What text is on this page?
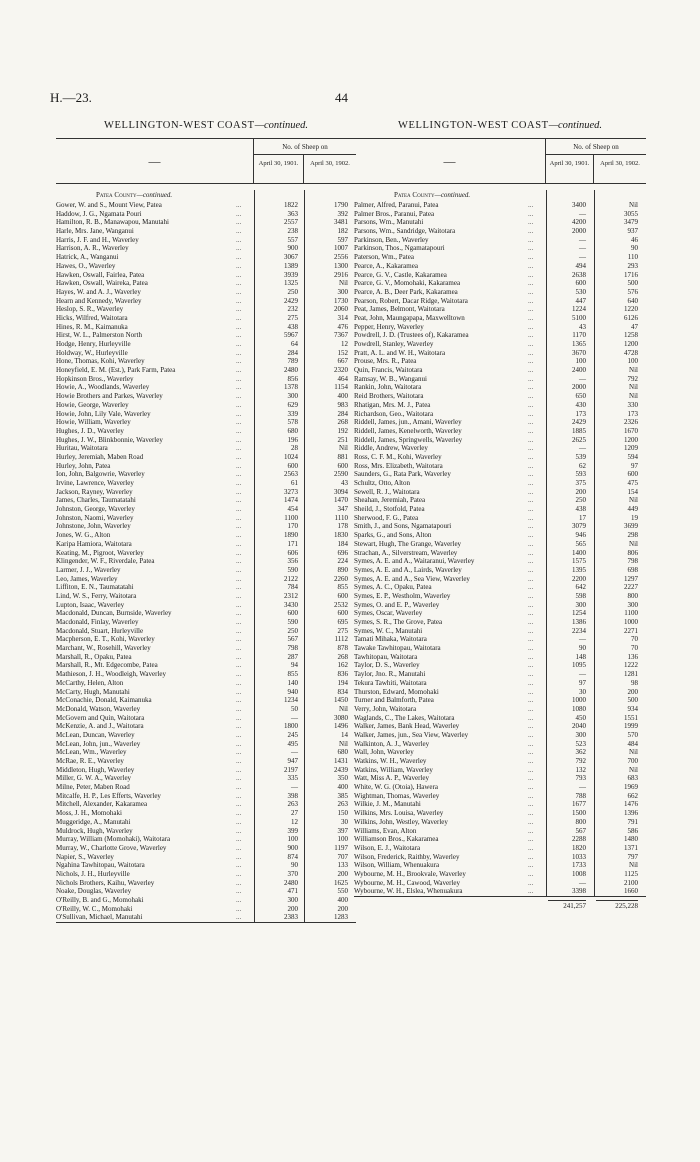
H.—23.	44
WELLINGTON-WEST COAST—continued.
—
No. of Sheep on
April 30, 1901.	April 30, 1902.
Patea County—continued.
Gower, W. and S., Mount View, Patea	...	1822	1790
Haddow, J. G., Ngamata Pouri	...	363	392
Hamilton, R. B., Manawapou, Manutahi	...	2557	3481
Harle, Mrs. Jane, Wanganui	...	238	182
Harris, J. F. and H., Waverley	...	557	597
Harrison, A. R., Waverley	...	900	1007
Hatrick, A., Wanganui	...	3067	2556
Hawes, O., Waverley	...	1389	1300
Hawken, Oswall, Fairlea, Patea	...	3939	2916
Hawken, Oswall, Waireka, Patea	...	1325	Nil
Hayes, W. and A. J., Waverley	...	250	300
Hearn and Kennedy, Waverley	...	2429	1730
Heslop, S. R., Waverley	...	232	2060
Hicks, Wilfred, Waitotara	...	275	314
Hines, R. M., Kaimanuka	...	438	476
Hirst, W. L., Palmerston North	...	5967	7367
Hodge, Henry, Hurleyville	...	64	12
Holdway, W., Hurleyville	...	284	152
Hone, Thomas, Kohi, Waverley	...	789	667
Honeyfield, E. M. (Est.), Park Farm, Patea	...	2480	2320
Hopkinson Bros., Waverley	...	856	464
Howie, A., Woodlands, Waverley	...	1378	1154
Howie Brothers and Parkes, Waverley	...	300	400
Howie, George, Waverley	...	629	983
Howie, John, Lily Vale, Waverley	...	339	284
Howie, William, Waverley	...	578	268
Hughes, J. D., Waverley	...	680	192
Hughes, J. W., Blinkbonnie, Waverley	...	196	251
Huritau, Waitotara	...	28	Nil
Hurley, Jeremiah, Maben Road	...	1024	881
Hurley, John, Patea	...	600	600
Ion, John, Balgowrie, Waverley	...	2563	2590
Irvine, Lawrence, Waverley	...	61	43
Jackson, Rayney, Waverley	...	3273	3094
James, Charles, Taumatatahi	...	1474	1470
Johnston, George, Waverley	...	454	347
Johnston, Naomi, Waverley	...	1100	1110
Johnstone, John, Waverley	...	170	178
Jones, W. G., Alton	...	1890	1830
Karipa Hamiora, Waitotara	...	171	184
Keating, M., Pigroot, Waverley	...	606	696
Klingender, W. F., Riverdale, Patea	...	356	224
Larmer, J. J., Waverley	...	590	890
Leo, James, Waverley	...	2122	2260
Liffiton, E. N., Taumatatahi	...	784	855
Lind, W. S., Ferry, Waitotara	...	2312	600
Lupton, Isaac, Waverley	...	3430	2532
Macdonald, Duncan, Burnside, Waverley	...	600	600
Macdonald, Finlay, Waverley	...	590	695
Macdonald, Stuart, Hurleyville	...	250	275
Macpherson, E. T., Kohi, Waverley	...	567	1112
Marchant, W., Rosehill, Waverley	...	798	878
Marshall, R., Opaku, Patea	...	287	268
Marshall, R., Mt. Edgecombe, Patea	...	94	162
Mathieson, J. H., Woodleigh, Waverley	...	855	836
McCarthy, Helen, Alton	...	140	194
McCarty, Hugh, Manutahi	...	940	834
McConachie, Donald, Kaimanuka	...	1234	1450
McDonald, Watson, Waverley	...	50	Nil
McGovern and Quin, Waitotara	...	—	3080
McKenzie, A. and J., Waitotara	...	1800	1496
McLean, Duncan, Waverley	...	245	14
McLean, John, jun., Waverley	...	495	Nil
McLean, Wm., Waverley	...	—	680
McRae, R. E., Waverley	...	947	1431
Middleton, Hugh, Waverley	...	2197	2439
Miller, G. W. A., Waverley	...	335	350
Milne, Peter, Maben Road	...	—	400
Mitcalfe, H. P., Les Efferts, Waverley	...	398	385
Mitchell, Alexander, Kakaramea	...	263	263
Moss, J. H., Momohaki	...	27	150
Muggeridge, A., Manutahi	...	12	30
Muldrock, Hugh, Waverley	...	399	397
Murray, William (Momohaki), Waitotara	...	100	100
Murray, W., Charlotte Grove, Waverley	...	900	1197
Napier, S., Waverley	...	874	707
Ngahina Tawhitopau, Waitotara	...	90	133
Nichols, J. H., Hurleyville	...	370	200
Nichols Brothers, Kaihu, Waverley	...	2480	1625
Noake, Douglas, Waverley	...	471	550
O'Reilly, B. and G., Momohaki	...	300	400
O'Reilly, W. C., Momohaki	...	200	200
O'Sullivan, Michael, Manutahi	...	2383	1283
WELLINGTON-WEST COAST—continued.
—
No. of Sheep on
April 30, 1901.	April 30, 1902.
Patea County—continued.
Palmer, Alfred, Paranui, Patea	...	3400	Nil
Palmer Bros., Paranui, Patea	...	—	3055
Parsons, Wm., Manutahi	...	4200	3479
Parsons, Wm., Sandridge, Waitotara	...	2000	937
Parkinson, Ben., Waverley	...	—	46
Parkinson, Thos., Ngamatapouri	...	—	90
Paterson, Wm., Patea	...	—	110
Pearce, A., Kakaramea	...	494	293
Pearce, G. V., Castle, Kakaramea	...	2638	1716
Pearce, G. V., Momohaki, Kakaramea	...	600	500
Pearce, A. B., Deer Park, Kakaramea	...	530	576
Pearson, Robert, Dacar Ridge, Waitotara	...	447	640
Peat, James, Belmont, Waitotara	...	1224	1220
Peat, John, Maungapapa, Maxwelltown	...	5100	6126
Pepper, Henry, Waverley	...	43	47
Powdrell, J. D. (Trustees of), Kakaramea	...	1170	1258
Powdrell, Stanley, Waverley	...	1365	1200
Pratt, A. L. and W. H., Waitotara	...	3670	4728
Prouse, Mrs. R., Patea	...	100	100
Quin, Francis, Waitotara	...	2400	Nil
Ramsay, W. B., Wanganui	...	—	792
Rankin, John, Waitotara	...	2000	Nil
Reid Brothers, Waitotara	...	650	Nil
Rhatigan, Mrs. M. J., Patea	...	430	330
Richardson, Geo., Waitotara	...	173	173
Riddell, James, jun., Amani, Waverley	...	2429	2326
Riddell, James, Kenelworth, Waverley	...	1885	1670
Riddell, James, Springwells, Waverley	...	2625	1200
Riddle, Andrew, Waverley	...	—	1209
Ross, C. F. M., Kohi, Waverley	...	539	594
Ross, Mrs. Elizabeth, Waitotara	...	62	97
Saunders, G., Rata Park, Waverley	...	593	600
Schultz, Otto, Alton	...	375	475
Sewell, R. J., Waitotara	...	200	154
Sheahan, Jeremiah, Patea	...	250	Nil
Sheild, J., Stotfold, Patea	...	438	449
Sherwood, F. G., Patea	...	17	19
Smith, J., and Sons, Ngamatapouri	...	3079	3699
Sparks, G., and Sons, Alton	...	946	298
Stewart, Hugh, The Grange, Waverley	...	565	Nil
Strachan, A., Silverstream, Waverley	...	1400	806
Symes, A. E. and A., Waitaranui, Waverley	...	1575	798
Symes, A. E. and A., Lairds, Waverley	...	1395	698
Symes, A. E. and A., Sea View, Waverley	...	2200	1297
Symes, A. C., Opaku, Patea	...	642	2227
Symes, E. P., Westholm, Waverley	...	598	800
Symes, O. and E. P., Waverley	...	300	300
Symes, Oscar, Waverley	...	1254	1100
Symes, S. R., The Grove, Patea	...	1386	1000
Symes, W. C., Manutahi	...	2234	2271
Tamati Mihaka, Waitotara	...	—	70
Tawake Tawhitopau, Waitotara	...	90	70
Tawhitopau, Waitotara	...	148	136
Taylor, D. S., Waverley	...	1095	1222
Taylor, Jno. R., Manutahi	...	—	1281
Tekura Tawhiti, Waitotara	...	97	98
Thurston, Edward, Momohaki	...	30	200
Turner and Balmforth, Patea	...	1000	500
Verry, John, Waitotara	...	1080	934
Waglands, C., The Lakes, Waitotara	...	450	1551
Walker, James, Bank Head, Waverley	...	2040	1999
Walker, James, jun., Sea View, Waverley	...	300	570
Walkinton, A. J., Waverley	...	523	484
Wall, John, Waverley	...	362	Nil
Watkins, W. H., Waverley	...	792	700
Watkins, William, Waverley	...	132	Nil
Watt, Miss A. P., Waverley	...	793	683
White, W. G. (Otoia), Hawera	...	—	1969
Wightman, Thomas, Waverley	...	788	662
Wilkie, J. M., Manutahi	...	1677	1476
Wilkins, Mrs. Louisa, Waverley	...	1500	1396
Wilkins, John, Westley, Waverley	...	800	791
Williams, Evan, Alton	...	567	586
Williamson Bros., Kakaramea	...	2288	1480
Wilson, E. J., Waitotara	...	1820	1371
Wilson, Frederick, Raithby, Waverley	...	1033	797
Wilson, William, Whenuakura	...	1733	Nil
Wybourne, M. H., Brookvale, Waverley	...	1008	1125
Wybourne, M. H., Cawood, Waverley	...	—	2100
Wybourne, W. H., Elslea, Whenuakura	...	3398	1660
241,257	225,228
